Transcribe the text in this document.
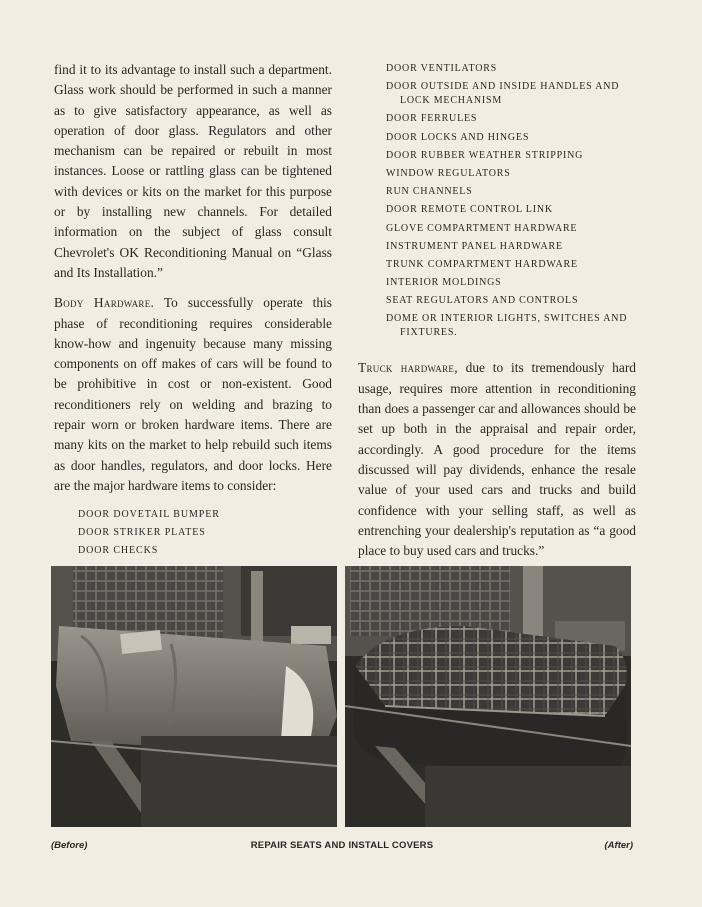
find it to its advantage to install such a department. Glass work should be performed in such a manner as to give satisfactory appearance, as well as operation of door glass. Regulators and other mechanism can be repaired or rebuilt in most instances. Loose or rattling glass can be tightened with devices or kits on the market for this purpose or by installing new channels. For detailed information on the subject of glass consult Chevrolet's OK Reconditioning Manual on “Glass and Its Installation.”

Body Hardware. To successfully operate this phase of reconditioning requires considerable know-how and ingenuity because many missing components on off makes of cars will be found to be prohibitive in cost or non-existent. Good reconditioners rely on welding and brazing to repair worn or broken hardware items. There are many kits on the market to help rebuild such items as door handles, regulators, and door locks. Here are the major hardware items to consider:

DOOR DOVETAIL BUMPER
DOOR STRIKER PLATES
DOOR CHECKS
DOOR VENTILATORS
DOOR OUTSIDE AND INSIDE HANDLES AND
LOCK MECHANISM
DOOR FERRULES
DOOR LOCKS AND HINGES
DOOR RUBBER WEATHER STRIPPING
WINDOW REGULATORS
RUN CHANNELS
DOOR REMOTE CONTROL LINK
GLOVE COMPARTMENT HARDWARE
INSTRUMENT PANEL HARDWARE
TRUNK COMPARTMENT HARDWARE
INTERIOR MOLDINGS
SEAT REGULATORS AND CONTROLS
DOME OR INTERIOR LIGHTS, SWITCHES AND
FIXTURES.

Truck hardware, due to its tremendously hard usage, requires more attention in reconditioning than does a passenger car and allowances should be set up both in the appraisal and repair order, accordingly. A good procedure for the items discussed will pay dividends, enhance the resale value of your used cars and trucks and build confidence with your selling staff, as well as entrenching your dealership's reputation as “a good place to buy used cars and trucks.”

(Before)	REPAIR SEATS AND INSTALL COVERS	(After)
